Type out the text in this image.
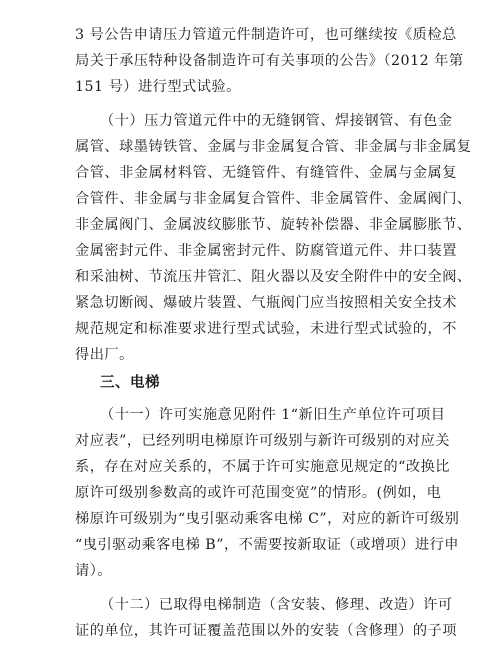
3 号公告申请压力管道元件制造许可，也可继续按《质检总
局关于承压特种设备制造许可有关事项的公告》（2012 年第
151 号）进行型式试验。
（十）压力管道元件中的无缝钢管、焊接钢管、有色金
属管、球墨铸铁管、金属与非金属复合管、非金属与非金属复
合管、非金属材料管、无缝管件、有缝管件、金属与金属复
合管件、非金属与非金属复合管件、非金属管件、金属阀门、
非金属阀门、金属波纹膨胀节、旋转补偿器、非金属膨胀节、
金属密封元件、非金属密封元件、防腐管道元件、井口装置
和采油树、节流压井管汇、阻火器以及安全附件中的安全阀、
紧急切断阀、爆破片装置、气瓶阀门应当按照相关安全技术
规范规定和标准要求进行型式试验，未进行型式试验的，不
得出厂。
三、电梯
（十一）许可实施意见附件 1“新旧生产单位许可项目
对应表”，已经列明电梯原许可级别与新许可级别的对应关
系，存在对应关系的，不属于许可实施意见规定的“改换比
原许可级别参数高的或许可范围变宽”的情形。(例如，电
梯原许可级别为“曳引驱动乘客电梯 C”，对应的新许可级别
“曳引驱动乘客电梯 B”，不需要按新取证（或增项）进行申
请）。
（十二）已取得电梯制造（含安装、修理、改造）许可
证的单位，其许可证覆盖范围以外的安装（含修理）的子项
